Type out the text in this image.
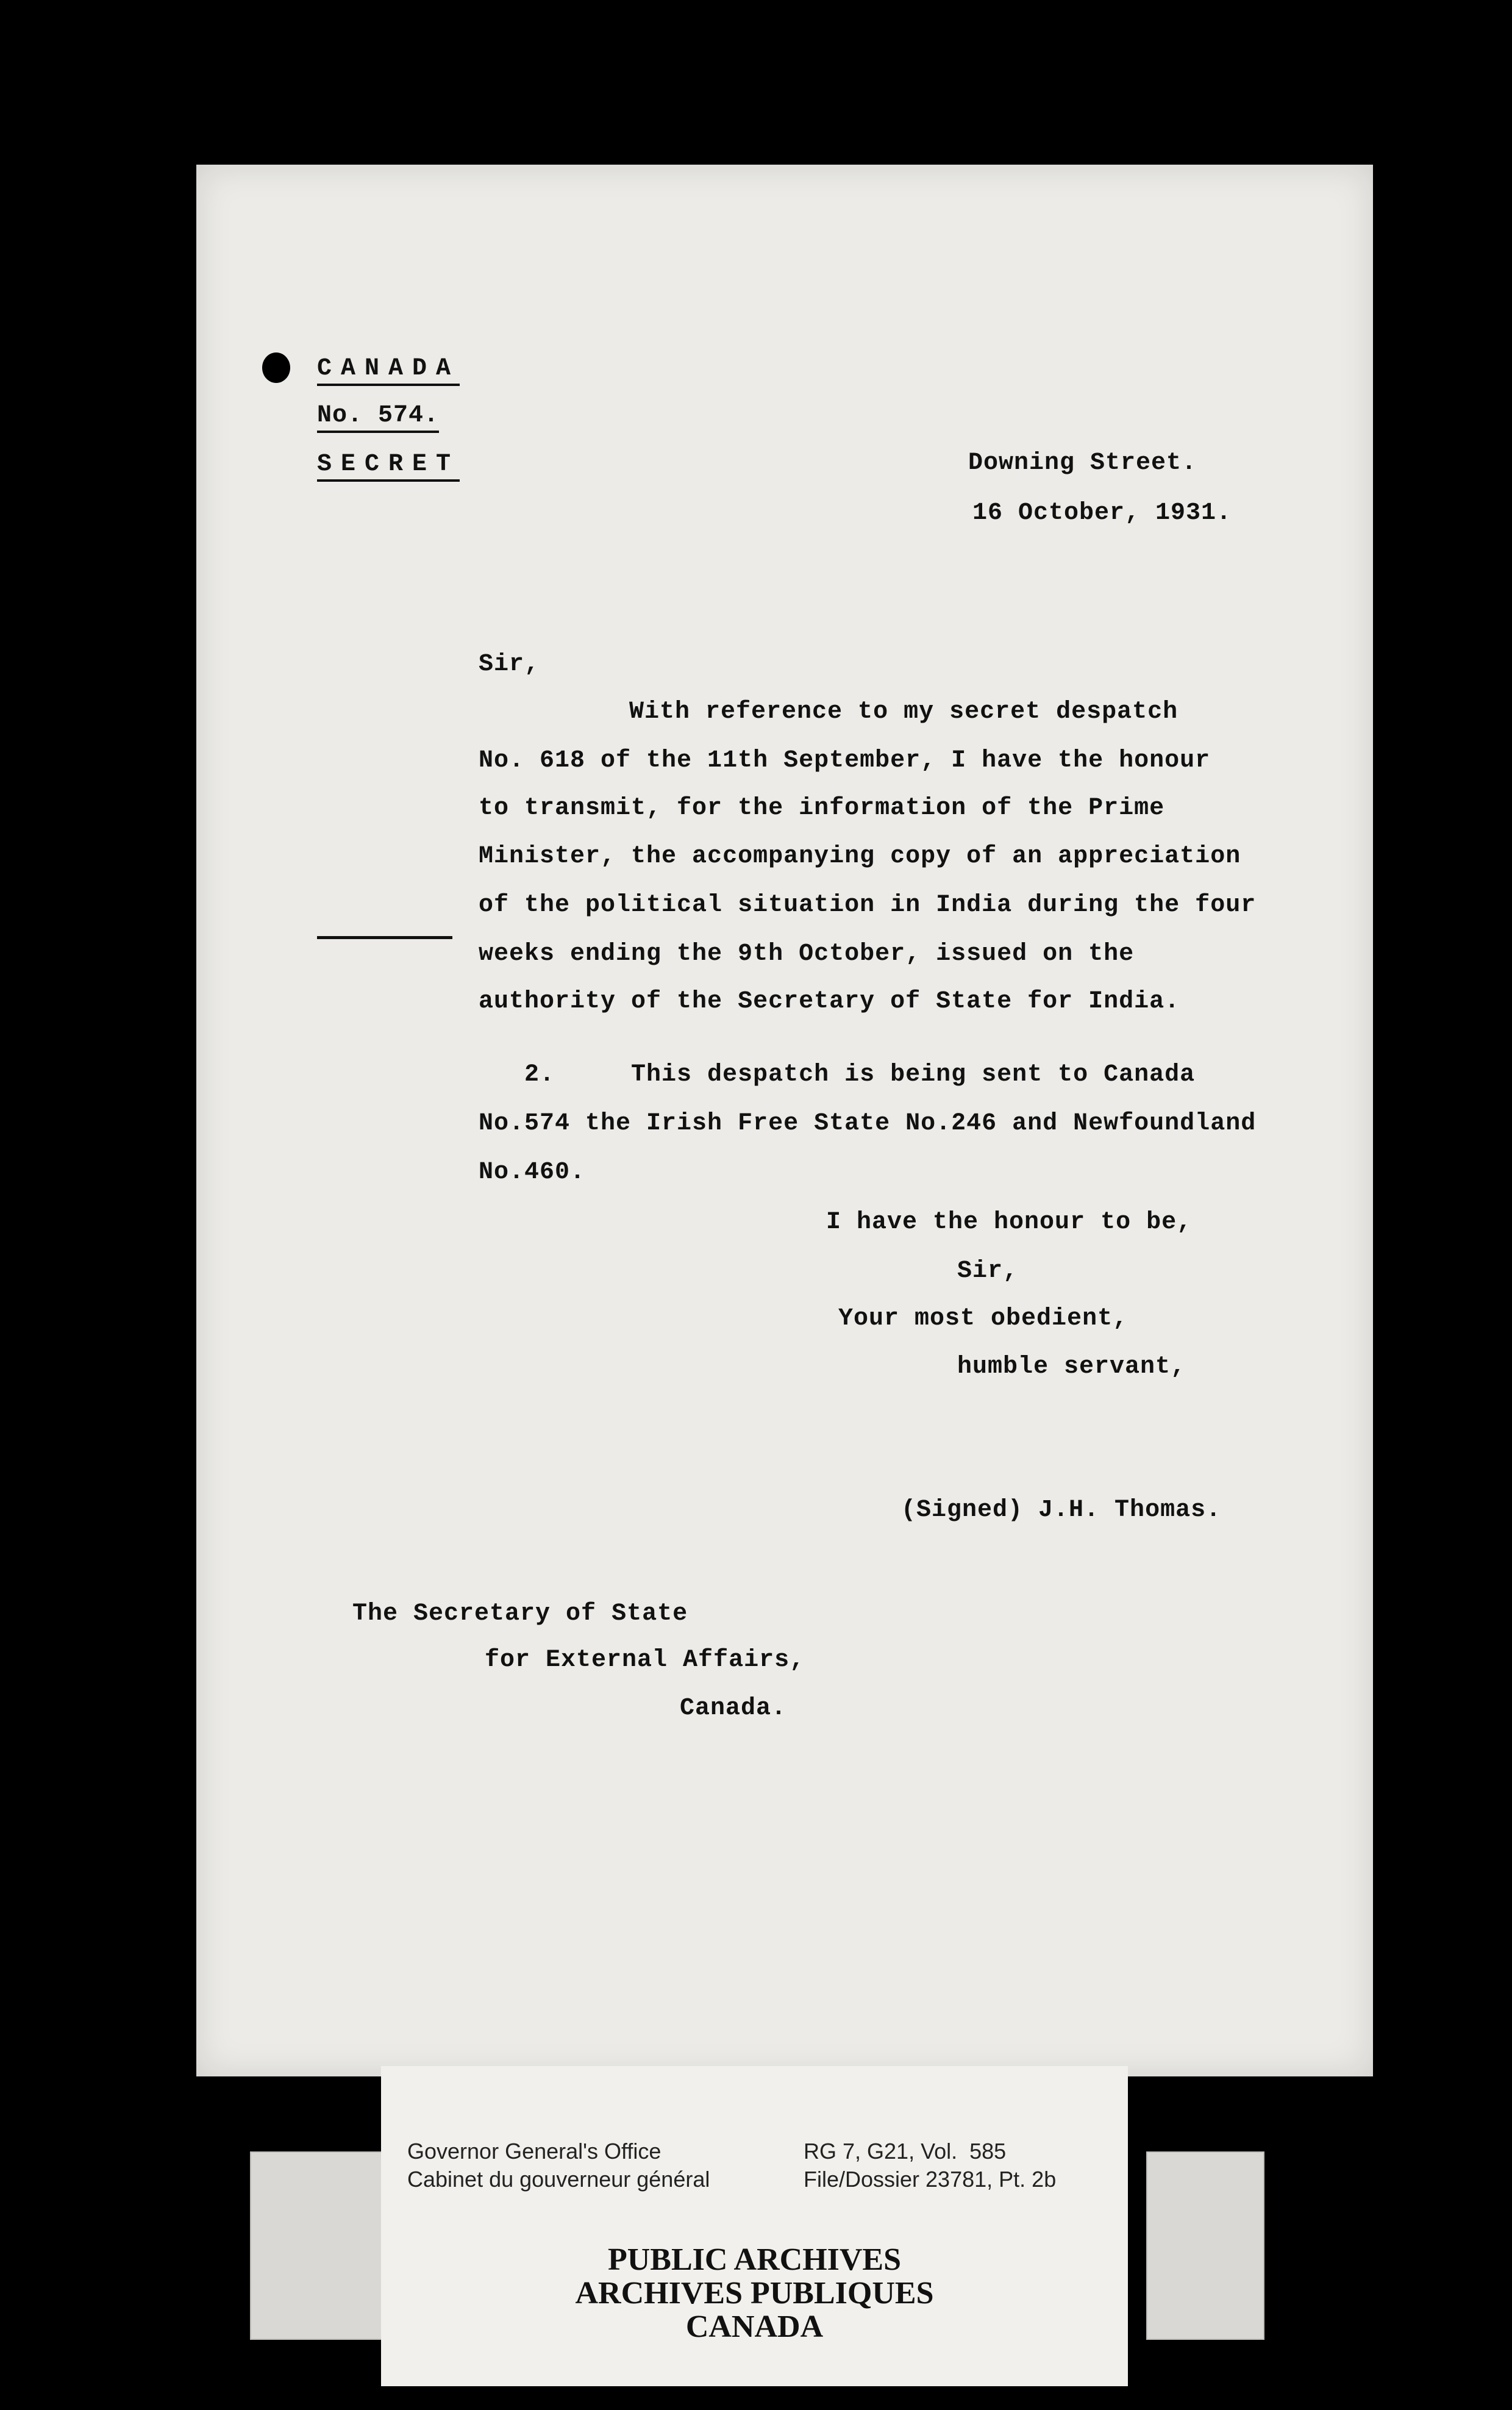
CANADA
No. 574.
SECRET	Downing Street.
16 October, 1931.
Sir,
With reference to my secret despatch
No. 618 of the 11th September, I have the honour
to transmit, for the information of the Prime
Minister, the accompanying copy of an appreciation
of the political situation in India during the four
weeks ending the 9th October, issued on the
authority of the Secretary of State for India.
2.     This despatch is being sent to Canada
No.574 the Irish Free State No.246 and Newfoundland
No.460.
I have the honour to be,
Sir,
Your most obedient,
humble servant,
(Signed) J.H. Thomas.
The Secretary of State
for External Affairs,
Canada.
Governor General's Office
Cabinet du gouverneur général
RG 7, G21, Vol.  585
File/Dossier 23781, Pt. 2b
PUBLIC ARCHIVES
ARCHIVES PUBLIQUES
CANADA
